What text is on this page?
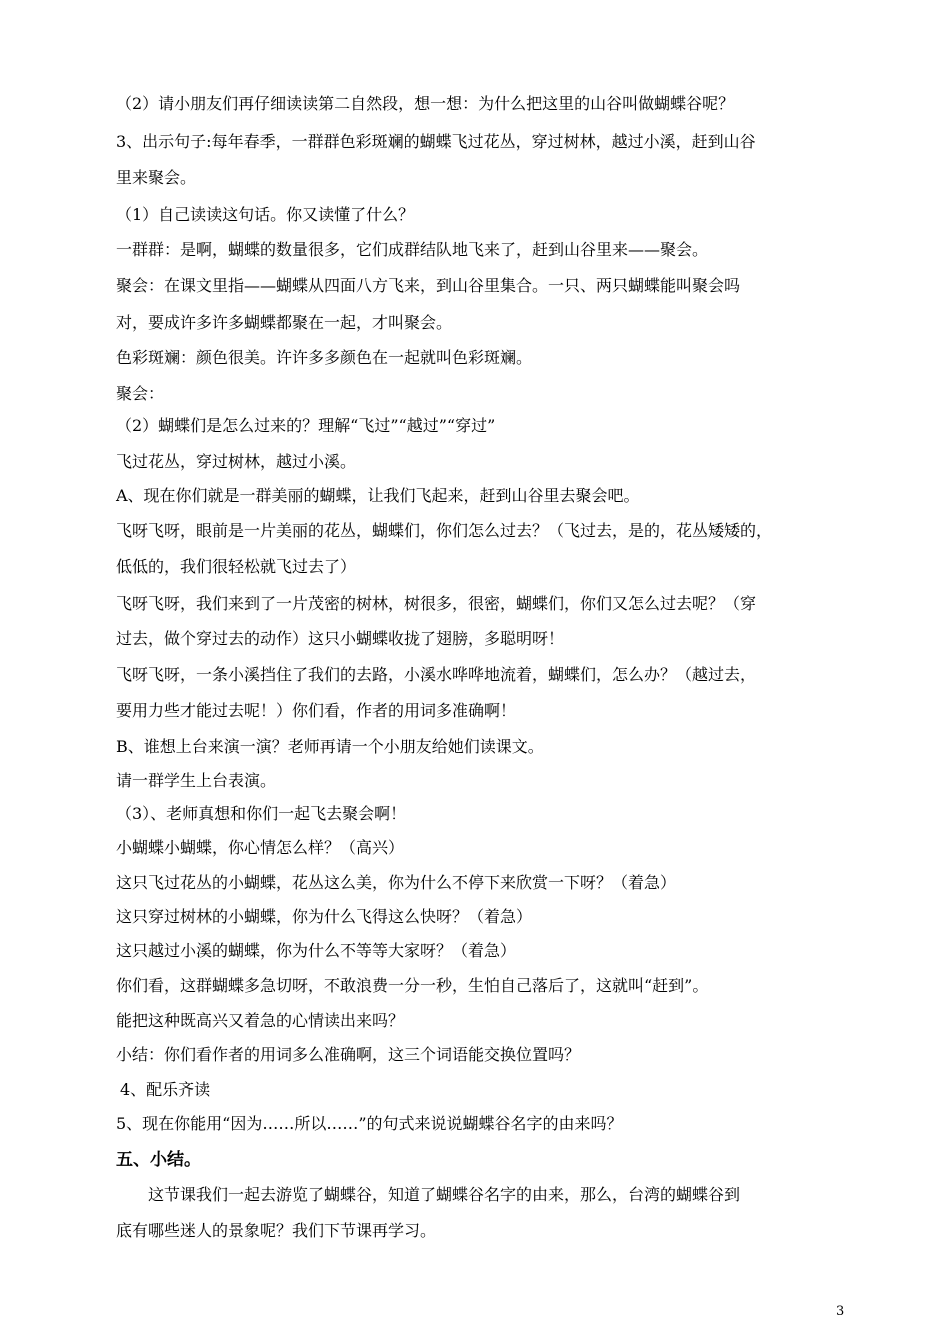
（2）请小朋友们再仔细读读第二自然段，想一想：为什么把这里的山谷叫做蝴蝶谷呢？
3、出示句子:每年春季，一群群色彩斑斓的蝴蝶飞过花丛，穿过树林，越过小溪，赶到山谷
里来聚会。
（1）自己读读这句话。你又读懂了什么？
一群群：是啊，蝴蝶的数量很多，它们成群结队地飞来了，赶到山谷里来——聚会。
聚会：在课文里指——蝴蝶从四面八方飞来，到山谷里集合。一只、两只蝴蝶能叫聚会吗
对，要成许多许多蝴蝶都聚在一起，才叫聚会。
色彩斑斓：颜色很美。许许多多颜色在一起就叫色彩斑斓。
聚会：
（2）蝴蝶们是怎么过来的？理解“飞过”“越过”“穿过”
飞过花丛，穿过树林，越过小溪。
A、现在你们就是一群美丽的蝴蝶，让我们飞起来，赶到山谷里去聚会吧。
飞呀飞呀，眼前是一片美丽的花丛，蝴蝶们，你们怎么过去？（飞过去，是的，花丛矮矮的，
低低的，我们很轻松就飞过去了）
飞呀飞呀，我们来到了一片茂密的树林，树很多，很密，蝴蝶们，你们又怎么过去呢？（穿
过去，做个穿过去的动作）这只小蝴蝶收拢了翅膀，多聪明呀！
飞呀飞呀，一条小溪挡住了我们的去路，小溪水哗哗地流着，蝴蝶们，怎么办？（越过去，
要用力些才能过去呢！）你们看，作者的用词多准确啊！
B、谁想上台来演一演？老师再请一个小朋友给她们读课文。
请一群学生上台表演。
（3）、老师真想和你们一起飞去聚会啊！
小蝴蝶小蝴蝶，你心情怎么样？（高兴）
这只飞过花丛的小蝴蝶，花丛这么美，你为什么不停下来欣赏一下呀？（着急）
这只穿过树林的小蝴蝶，你为什么飞得这么快呀？（着急）
这只越过小溪的蝴蝶，你为什么不等等大家呀？（着急）
你们看，这群蝴蝶多急切呀，不敢浪费一分一秒，生怕自己落后了，这就叫“赶到”。
能把这种既高兴又着急的心情读出来吗？
小结：你们看作者的用词多么准确啊，这三个词语能交换位置吗？
4、配乐齐读
5、现在你能用“因为……所以……”的句式来说说蝴蝶谷名字的由来吗？
五、小结。
这节课我们一起去游览了蝴蝶谷，知道了蝴蝶谷名字的由来，那么，台湾的蝴蝶谷到
底有哪些迷人的景象呢？我们下节课再学习。
3
